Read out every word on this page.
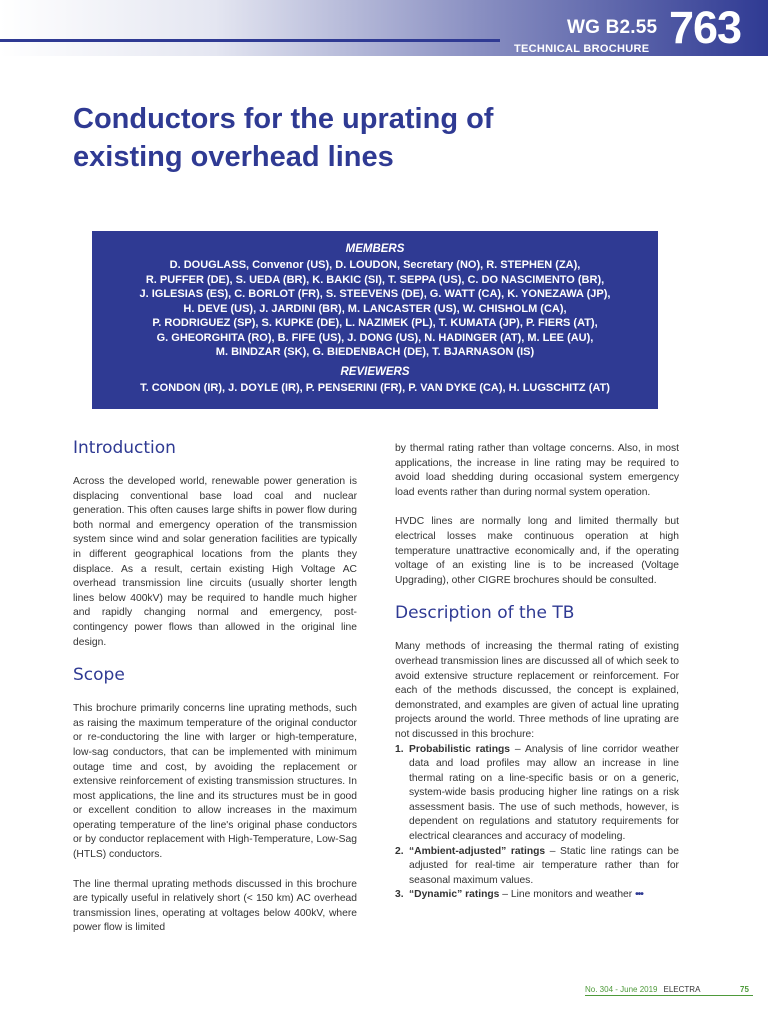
WG B2.55
TECHNICAL BROCHURE 763
Conductors for the uprating of
existing overhead lines
MEMBERS
D. DOUGLASS, Convenor (US), D. LOUDON, Secretary (NO), R. STEPHEN (ZA),
R. PUFFER (DE), S. UEDA (BR), K. BAKIC (SI), T. SEPPA (US), C. DO NASCIMENTO (BR),
J. IGLESIAS (ES), C. BORLOT (FR), S. STEEVENS (DE), G. WATT (CA), K. YONEZAWA (JP),
H. DEVE (US), J. JARDINI (BR), M. LANCASTER (US), W. CHISHOLM (CA),
P. RODRIGUEZ (SP), S. KUPKE (DE), L. NAZIMEK (PL), T. KUMATA (JP), P. FIERS (AT),
G. GHEORGHITA (RO), B. FIFE (US), J. DONG (US), N. HADINGER (AT), M. LEE (AU),
M. BINDZAR (SK), G. BIEDENBACH (DE), T. BJARNASON (IS)
REVIEWERS
T. CONDON (IR), J. DOYLE (IR), P. PENSERINI (FR), P. VAN DYKE (CA), H. LUGSCHITZ (AT)
Introduction

Across the developed world, renewable power generation is displacing conventional base load coal and nuclear generation. This often causes large shifts in power flow during both normal and emergency operation of the transmission system since wind and solar generation facilities are typically in different geographical locations from the plants they displace. As a result, certain existing High Voltage AC overhead transmission line circuits (usually shorter length lines below 400kV) may be required to handle much higher and rapidly changing normal and emergency, post-contingency power flows than allowed in the original line design.

Scope

This brochure primarily concerns line uprating methods, such as raising the maximum temperature of the original conductor or re-conductoring the line with larger or high-temperature, low-sag conductors, that can be implemented with minimum outage time and cost, by avoiding the replacement or extensive reinforcement of existing transmission structures. In most applications, the line and its structures must be in good or excellent condition to allow increases in the maximum operating temperature of the line's original phase conductors or by conductor replacement with High-Temperature, Low-Sag (HTLS) conductors.

The line thermal uprating methods discussed in this brochure are typically useful in relatively short (< 150 km) AC overhead transmission lines, operating at voltages below 400kV, where power flow is limited

by thermal rating rather than voltage concerns. Also, in most applications, the increase in line rating may be required to avoid load shedding during occasional system emergency load events rather than during normal system operation.

HVDC lines are normally long and limited thermally but electrical losses make continuous operation at high temperature unattractive economically and, if the operating voltage of an existing line is to be increased (Voltage Upgrading), other CIGRE brochures should be consulted.

Description of the TB

Many methods of increasing the thermal rating of existing overhead transmission lines are discussed all of which seek to avoid extensive structure replacement or reinforcement. For each of the methods discussed, the concept is explained, demonstrated, and examples are given of actual line uprating projects around the world. Three methods of line uprating are not discussed in this brochure:

1. Probabilistic ratings – Analysis of line corridor weather data and load profiles may allow an increase in line thermal rating on a line-specific basis or on a generic, system-wide basis producing higher line ratings on a risk assessment basis. The use of such methods, however, is dependent on regulations and statutory requirements for electrical clearances and accuracy of modeling.
2. “Ambient-adjusted” ratings – Static line ratings can be adjusted for real-time air temperature rather than for seasonal maximum values.
3. “Dynamic” ratings – Line monitors and weather •••
No. 304 - June 2019 ELECTRA	75
